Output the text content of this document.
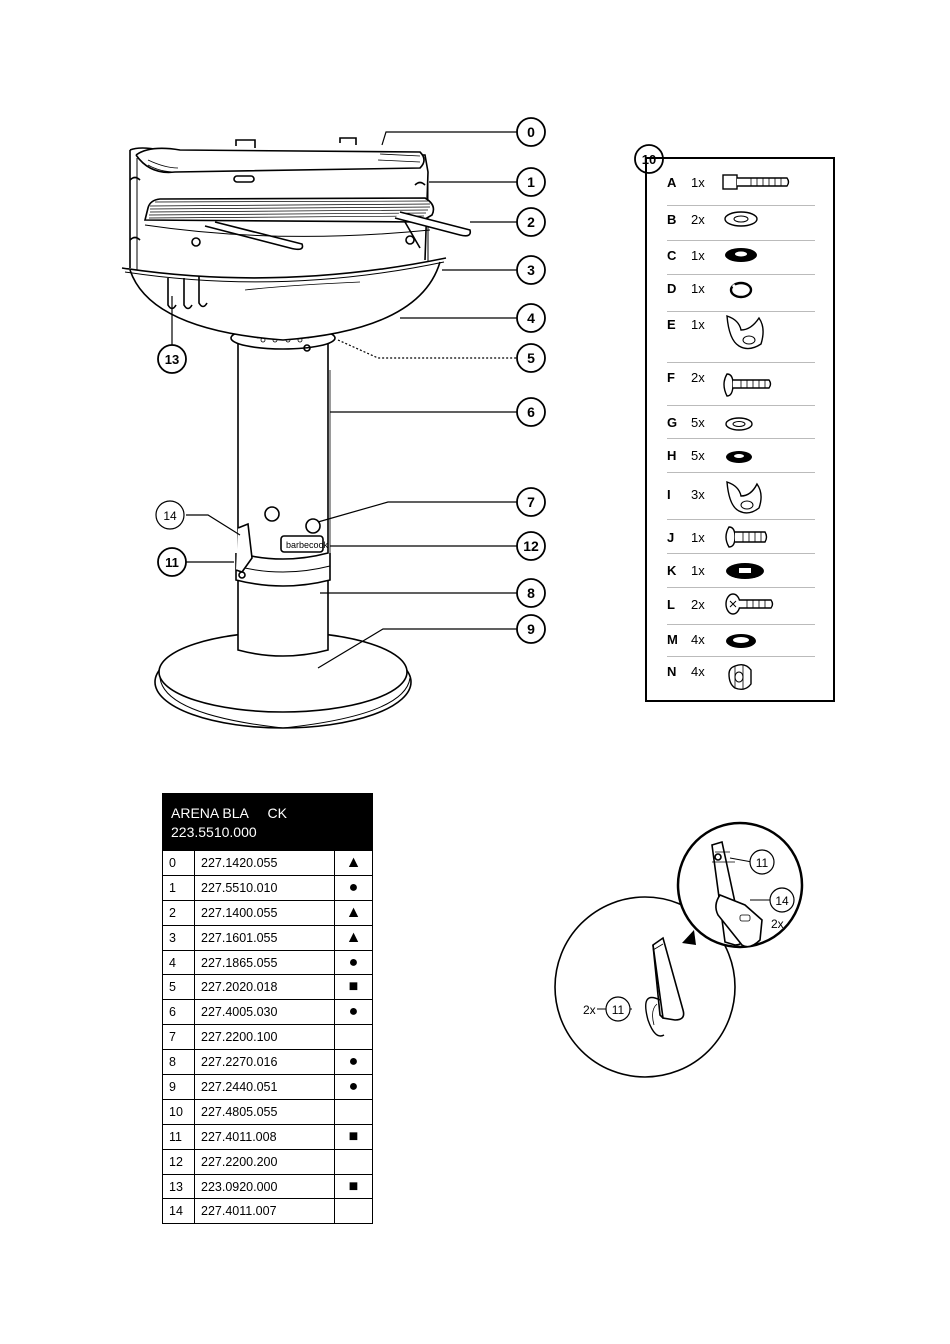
barbecook
0
1
2
3
4
5
6
7
12
8
9
13
14
11
10
11
2x
11
14
2x
A	1x
B	2x
C	1x
D	1x
E	1x
F	2x
G	5x
H	5x
I	3x
J	1x
K	1x
L	2x
M	4x
N	4x
ARENA BLA     CK
223.5510.000
0	227.1420.055	▲
1	227.5510.010	●
2	227.1400.055	▲
3	227.1601.055	▲
4	227.1865.055	●
5	227.2020.018	■
6	227.4005.030	●
7	227.2200.100
8	227.2270.016	●
9	227.2440.051	●
10	227.4805.055
11	227.4011.008	■
12	227.2200.200
13	223.0920.000	■
14	227.4011.007
